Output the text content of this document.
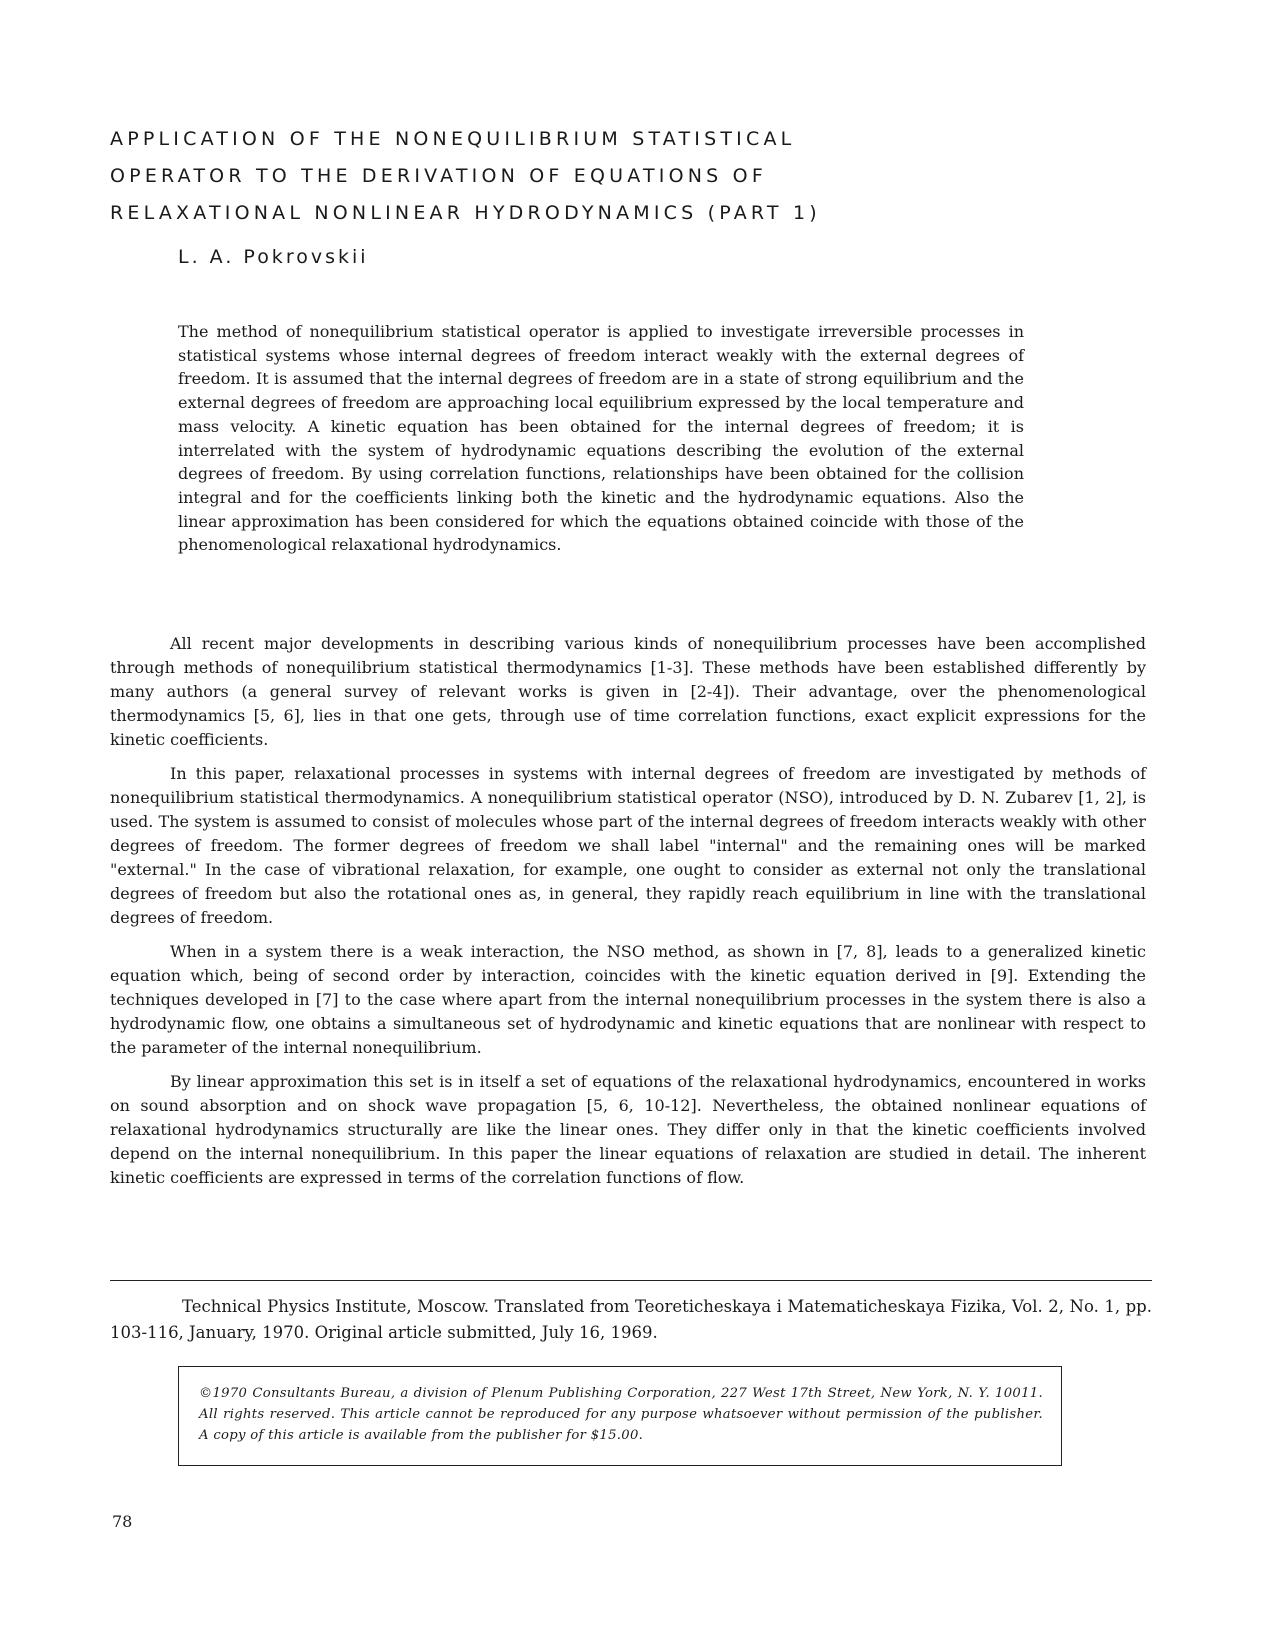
APPLICATION OF THE NONEQUILIBRIUM STATISTICAL
OPERATOR TO THE DERIVATION OF EQUATIONS OF
RELAXATIONAL NONLINEAR HYDRODYNAMICS (PART 1)
L. A. Pokrovskii

The method of nonequilibrium statistical operator is applied to investigate irreversible processes in statistical systems whose internal degrees of freedom interact weakly with the external degrees of freedom. It is assumed that the internal degrees of freedom are in a state of strong equilibrium and the external degrees of freedom are approaching local equilibrium expressed by the local temperature and mass velocity. A kinetic equation has been obtained for the internal degrees of freedom; it is interrelated with the system of hydrodynamic equations describing the evolution of the external degrees of freedom. By using correlation functions, relationships have been obtained for the collision integral and for the coefficients linking both the kinetic and the hydrodynamic equations. Also the linear approximation has been considered for which the equations obtained coincide with those of the phenomenological relaxational hydrodynamics.

All recent major developments in describing various kinds of nonequilibrium processes have been accomplished through methods of nonequilibrium statistical thermodynamics [1-3]. These methods have been established differently by many authors (a general survey of relevant works is given in [2-4]). Their advantage, over the phenomenological thermodynamics [5, 6], lies in that one gets, through use of time correlation functions, exact explicit expressions for the kinetic coefficients.

In this paper, relaxational processes in systems with internal degrees of freedom are investigated by methods of nonequilibrium statistical thermodynamics. A nonequilibrium statistical operator (NSO), introduced by D. N. Zubarev [1, 2], is used. The system is assumed to consist of molecules whose part of the internal degrees of freedom interacts weakly with other degrees of freedom. The former degrees of freedom we shall label "internal" and the remaining ones will be marked "external." In the case of vibrational relaxation, for example, one ought to consider as external not only the translational degrees of freedom but also the rotational ones as, in general, they rapidly reach equilibrium in line with the translational degrees of freedom.

When in a system there is a weak interaction, the NSO method, as shown in [7, 8], leads to a generalized kinetic equation which, being of second order by interaction, coincides with the kinetic equation derived in [9]. Extending the techniques developed in [7] to the case where apart from the internal nonequilibrium processes in the system there is also a hydrodynamic flow, one obtains a simultaneous set of hydrodynamic and kinetic equations that are nonlinear with respect to the parameter of the internal nonequilibrium.

By linear approximation this set is in itself a set of equations of the relaxational hydrodynamics, encountered in works on sound absorption and on shock wave propagation [5, 6, 10-12]. Nevertheless, the obtained nonlinear equations of relaxational hydrodynamics structurally are like the linear ones. They differ only in that the kinetic coefficients involved depend on the internal nonequilibrium. In this paper the linear equations of relaxation are studied in detail. The inherent kinetic coefficients are expressed in terms of the correlation functions of flow.

Technical Physics Institute, Moscow. Translated from Teoreticheskaya i Matematicheskaya Fizika, Vol. 2, No. 1, pp. 103-116, January, 1970. Original article submitted, July 16, 1969.

©1970 Consultants Bureau, a division of Plenum Publishing Corporation, 227 West 17th Street, New York, N. Y. 10011. All rights reserved. This article cannot be reproduced for any purpose whatsoever without permission of the publisher. A copy of this article is available from the publisher for $15.00.

78
